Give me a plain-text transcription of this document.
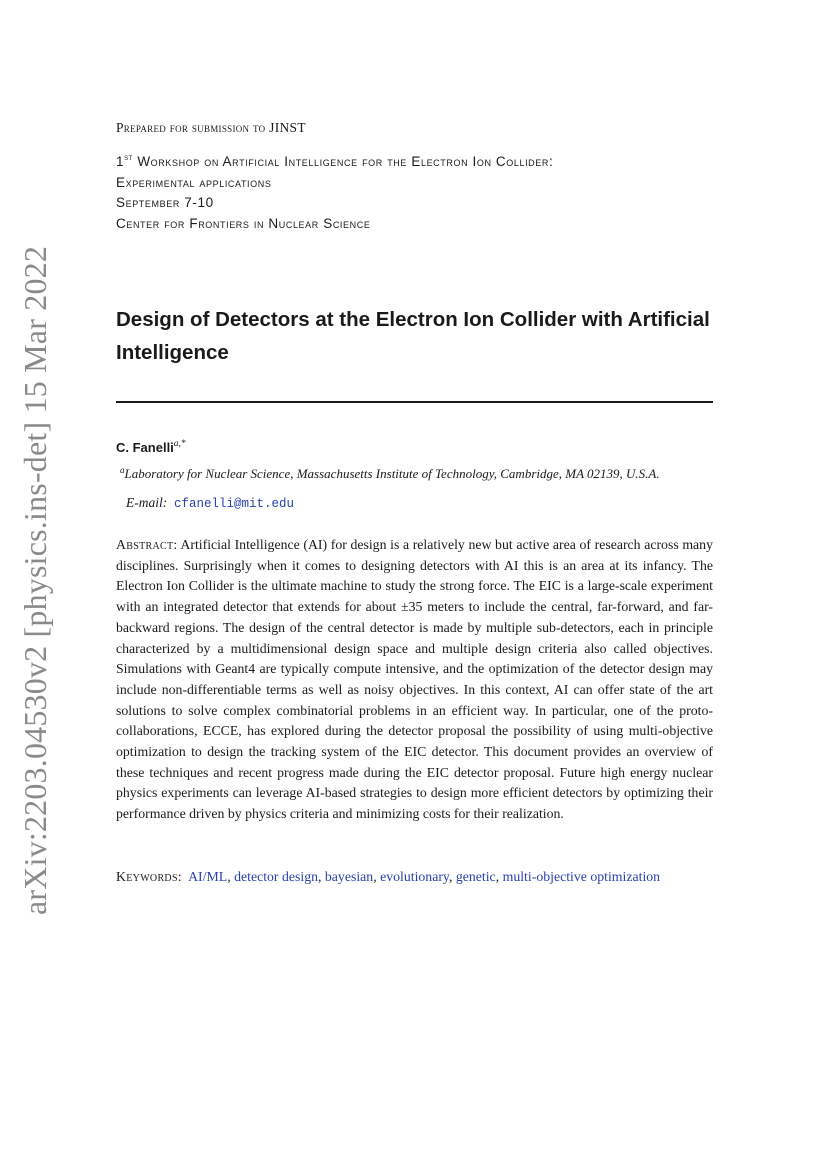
arXiv:2203.04530v2 [physics.ins-det] 15 Mar 2022
Prepared for submission to JINST
1st Workshop on Artificial Intelligence for the Electron Ion Collider:
Experimental applications
September 7-10
Center for Frontiers in Nuclear Science
Design of Detectors at the Electron Ion Collider with Artificial Intelligence
C. Fanelli$^{a,*}$
$^a$Laboratory for Nuclear Science, Massachusetts Institute of Technology, Cambridge, MA 02139, U.S.A.
E-mail: cfanelli@mit.edu

Abstract: Artificial Intelligence (AI) for design is a relatively new but active area of research across many disciplines. Surprisingly when it comes to designing detectors with AI this is an area at its infancy. The Electron Ion Collider is the ultimate machine to study the strong force. The EIC is a large-scale experiment with an integrated detector that extends for about ±35 meters to include the central, far-forward, and far-backward regions. The design of the central detector is made by multiple sub-detectors, each in principle characterized by a multidimensional design space and multiple design criteria also called objectives. Simulations with Geant4 are typically compute intensive, and the optimization of the detector design may include non-differentiable terms as well as noisy objectives. In this context, AI can offer state of the art solutions to solve complex combinatorial problems in an efficient way. In particular, one of the proto-collaborations, ECCE, has explored during the detector proposal the possibility of using multi-objective optimization to design the tracking system of the EIC detector. This document provides an overview of these techniques and recent progress made during the EIC detector proposal. Future high energy nuclear physics experiments can leverage AI-based strategies to design more efficient detectors by optimizing their performance driven by physics criteria and minimizing costs for their realization.

Keywords: AI/ML, detector design, bayesian, evolutionary, genetic, multi-objective optimization
